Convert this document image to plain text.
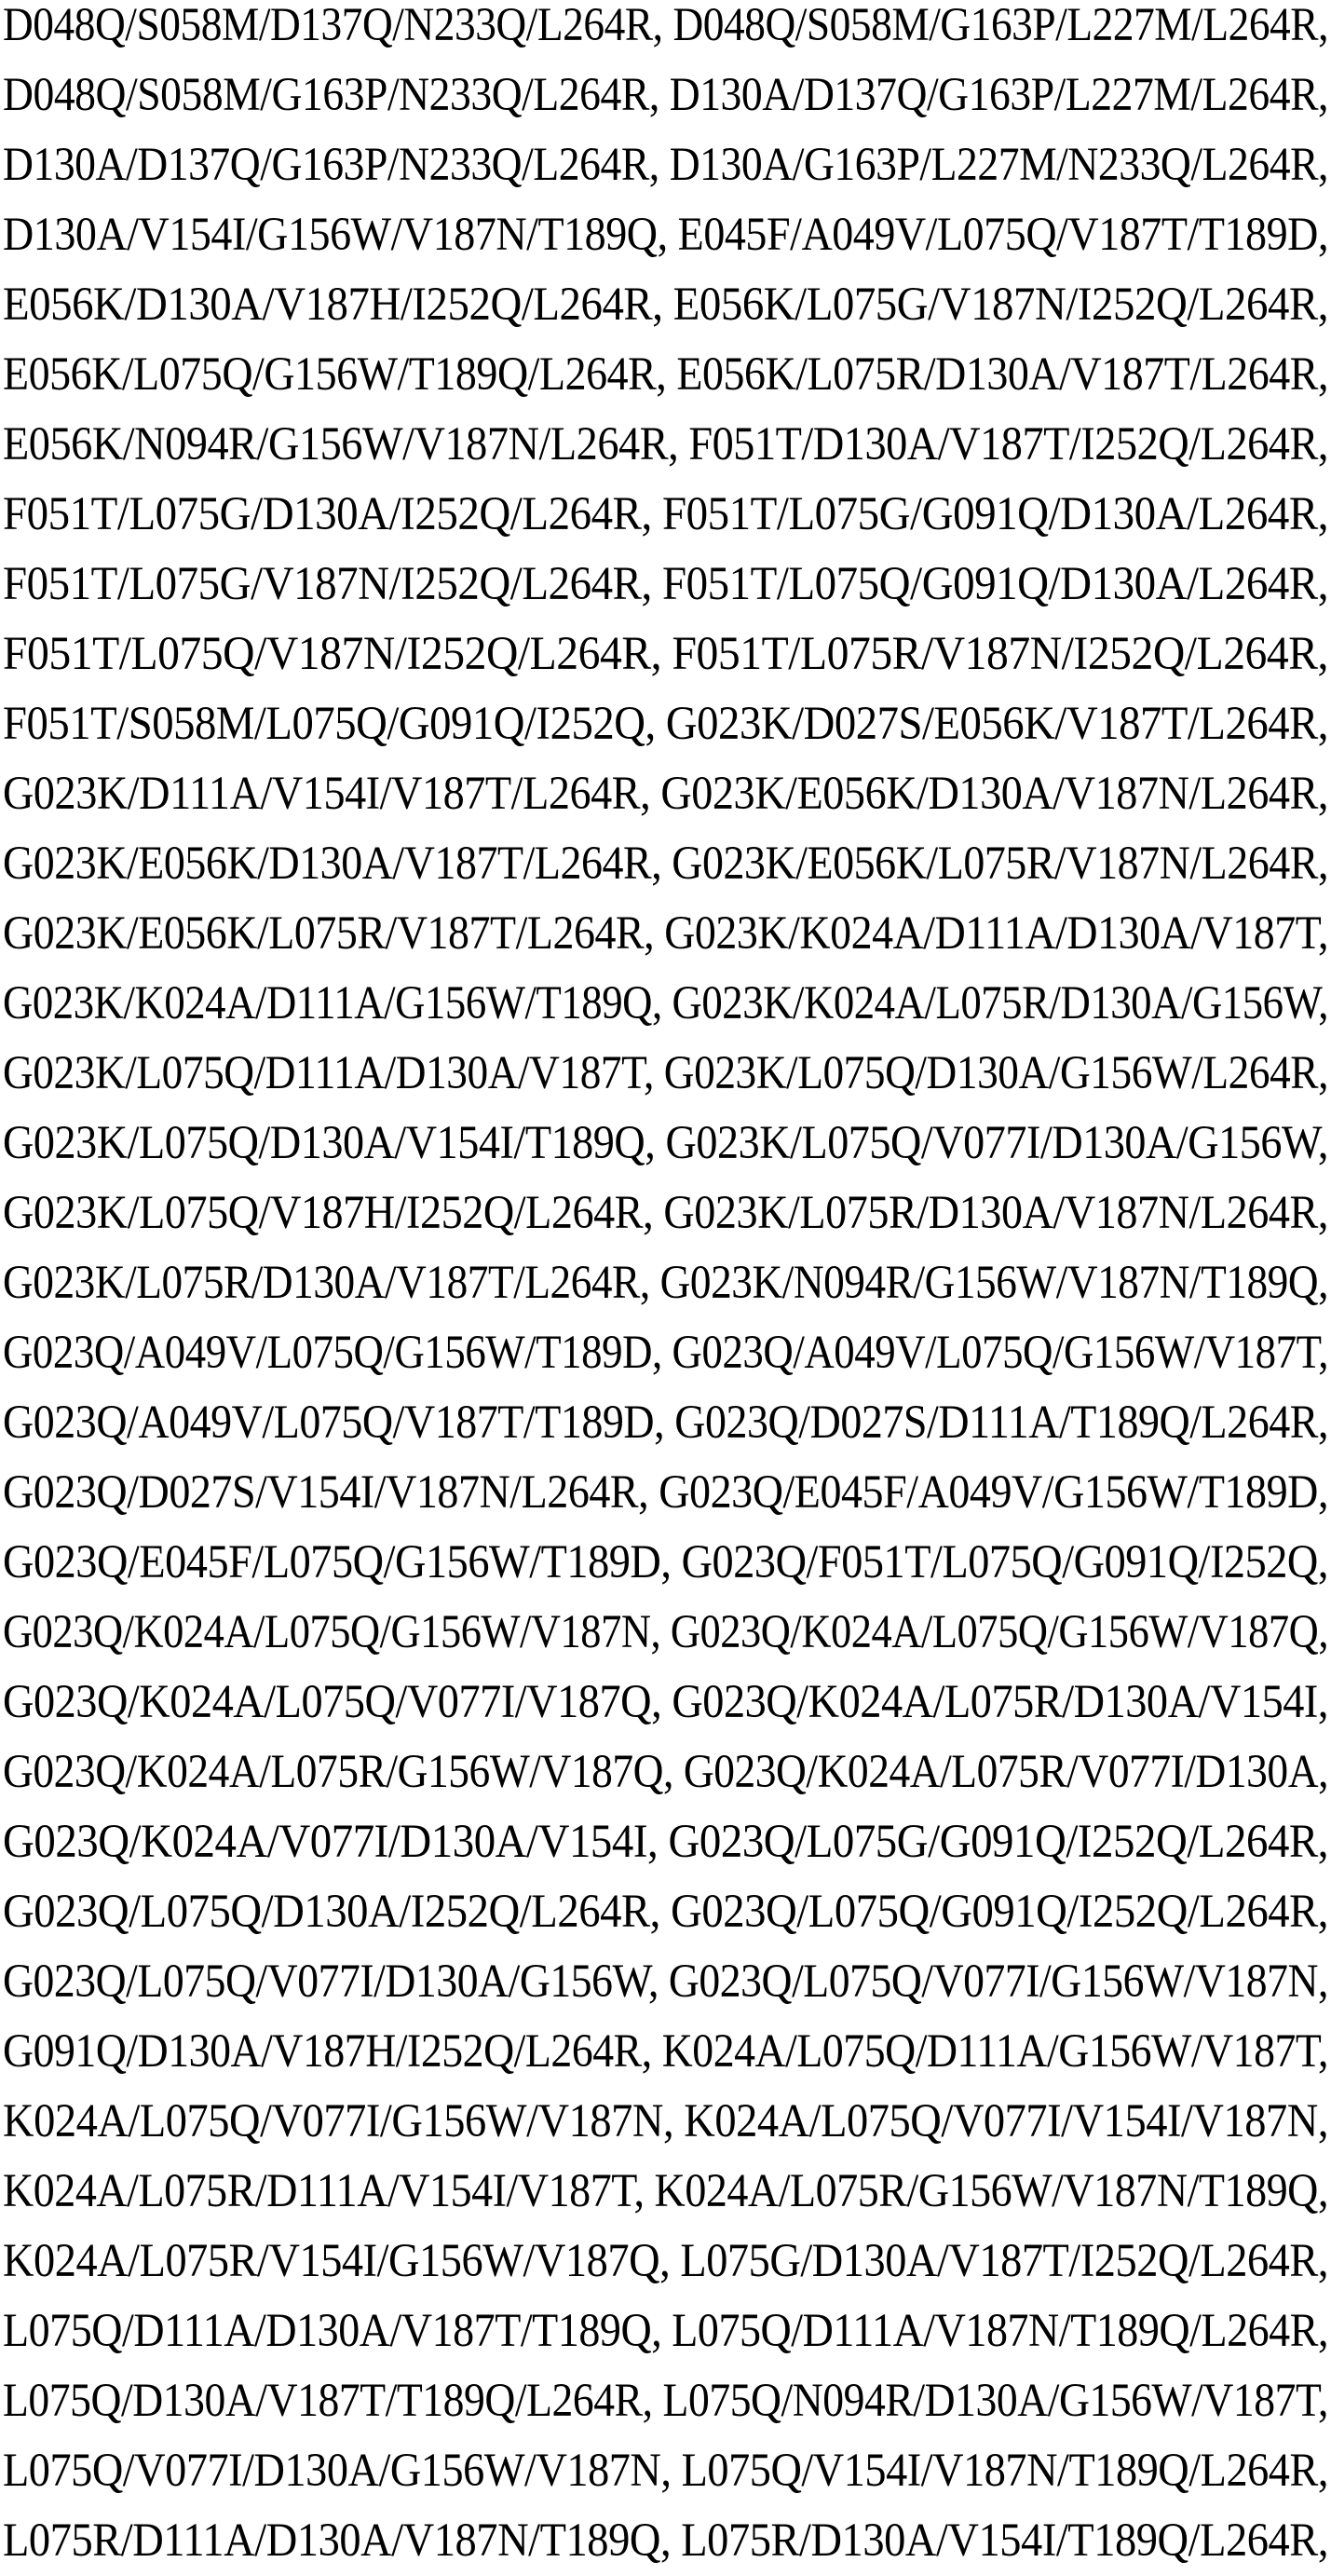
D048Q/S058M/D137Q/N233Q/L264R, D048Q/S058M/G163P/L227M/L264R,
D048Q/S058M/G163P/N233Q/L264R, D130A/D137Q/G163P/L227M/L264R,
D130A/D137Q/G163P/N233Q/L264R, D130A/G163P/L227M/N233Q/L264R,
D130A/V154I/G156W/V187N/T189Q, E045F/A049V/L075Q/V187T/T189D,
E056K/D130A/V187H/I252Q/L264R, E056K/L075G/V187N/I252Q/L264R,
E056K/L075Q/G156W/T189Q/L264R, E056K/L075R/D130A/V187T/L264R,
E056K/N094R/G156W/V187N/L264R, F051T/D130A/V187T/I252Q/L264R,
F051T/L075G/D130A/I252Q/L264R, F051T/L075G/G091Q/D130A/L264R,
F051T/L075G/V187N/I252Q/L264R, F051T/L075Q/G091Q/D130A/L264R,
F051T/L075Q/V187N/I252Q/L264R, F051T/L075R/V187N/I252Q/L264R,
F051T/S058M/L075Q/G091Q/I252Q, G023K/D027S/E056K/V187T/L264R,
G023K/D111A/V154I/V187T/L264R, G023K/E056K/D130A/V187N/L264R,
G023K/E056K/D130A/V187T/L264R, G023K/E056K/L075R/V187N/L264R,
G023K/E056K/L075R/V187T/L264R, G023K/K024A/D111A/D130A/V187T,
G023K/K024A/D111A/G156W/T189Q, G023K/K024A/L075R/D130A/G156W,
G023K/L075Q/D111A/D130A/V187T, G023K/L075Q/D130A/G156W/L264R,
G023K/L075Q/D130A/V154I/T189Q, G023K/L075Q/V077I/D130A/G156W,
G023K/L075Q/V187H/I252Q/L264R, G023K/L075R/D130A/V187N/L264R,
G023K/L075R/D130A/V187T/L264R, G023K/N094R/G156W/V187N/T189Q,
G023Q/A049V/L075Q/G156W/T189D, G023Q/A049V/L075Q/G156W/V187T,
G023Q/A049V/L075Q/V187T/T189D, G023Q/D027S/D111A/T189Q/L264R,
G023Q/D027S/V154I/V187N/L264R, G023Q/E045F/A049V/G156W/T189D,
G023Q/E045F/L075Q/G156W/T189D, G023Q/F051T/L075Q/G091Q/I252Q,
G023Q/K024A/L075Q/G156W/V187N, G023Q/K024A/L075Q/G156W/V187Q,
G023Q/K024A/L075Q/V077I/V187Q, G023Q/K024A/L075R/D130A/V154I,
G023Q/K024A/L075R/G156W/V187Q, G023Q/K024A/L075R/V077I/D130A,
G023Q/K024A/V077I/D130A/V154I, G023Q/L075G/G091Q/I252Q/L264R,
G023Q/L075Q/D130A/I252Q/L264R, G023Q/L075Q/G091Q/I252Q/L264R,
G023Q/L075Q/V077I/D130A/G156W, G023Q/L075Q/V077I/G156W/V187N,
G091Q/D130A/V187H/I252Q/L264R, K024A/L075Q/D111A/G156W/V187T,
K024A/L075Q/V077I/G156W/V187N, K024A/L075Q/V077I/V154I/V187N,
K024A/L075R/D111A/V154I/V187T, K024A/L075R/G156W/V187N/T189Q,
K024A/L075R/V154I/G156W/V187Q, L075G/D130A/V187T/I252Q/L264R,
L075Q/D111A/D130A/V187T/T189Q, L075Q/D111A/V187N/T189Q/L264R,
L075Q/D130A/V187T/T189Q/L264R, L075Q/N094R/D130A/G156W/V187T,
L075Q/V077I/D130A/G156W/V187N, L075Q/V154I/V187N/T189Q/L264R,
L075R/D111A/D130A/V187N/T189Q, L075R/D130A/V154I/T189Q/L264R,
